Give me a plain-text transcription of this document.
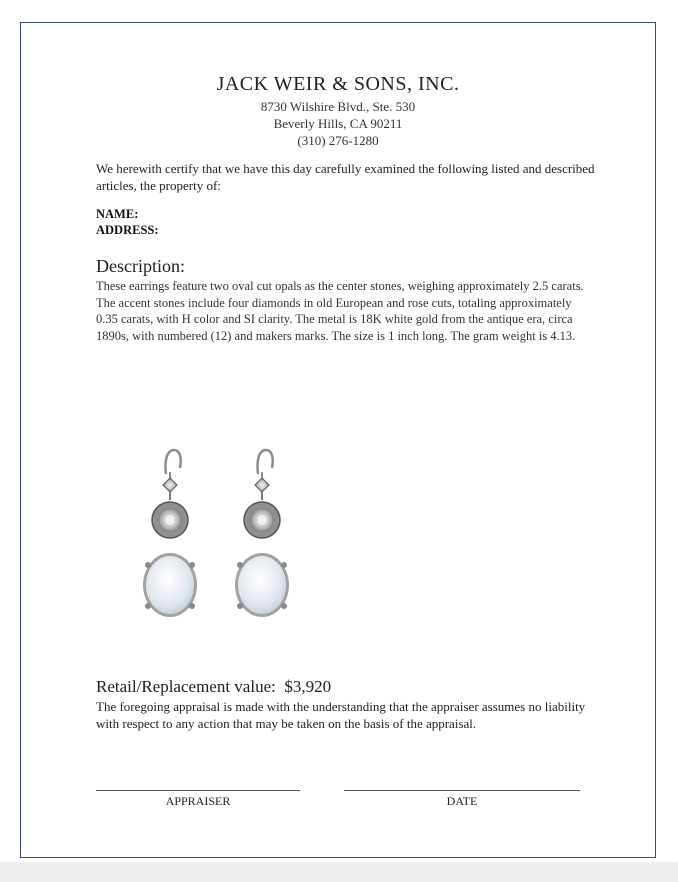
JACK WEIR & SONS, INC.
8730 Wilshire Blvd., Ste. 530
Beverly Hills, CA 90211
(310) 276-1280
We herewith certify that we have this day carefully examined the following listed and described articles, the property of:
NAME:
ADDRESS:
Description:
These earrings feature two oval cut opals as the center stones, weighing approximately 2.5 carats. The accent stones include four diamonds in old European and rose cuts, totaling approximately 0.35 carats, with H color and SI clarity. The metal is 18K white gold from the antique era, circa 1890s, with numbered (12) and makers marks. The size is 1 inch long. The gram weight is 4.13.
Retail/Replacement value: $3,920
The foregoing appraisal is made with the understanding that the appraiser assumes no liability with respect to any action that may be taken on the basis of the appraisal.
APPRAISER	DATE
